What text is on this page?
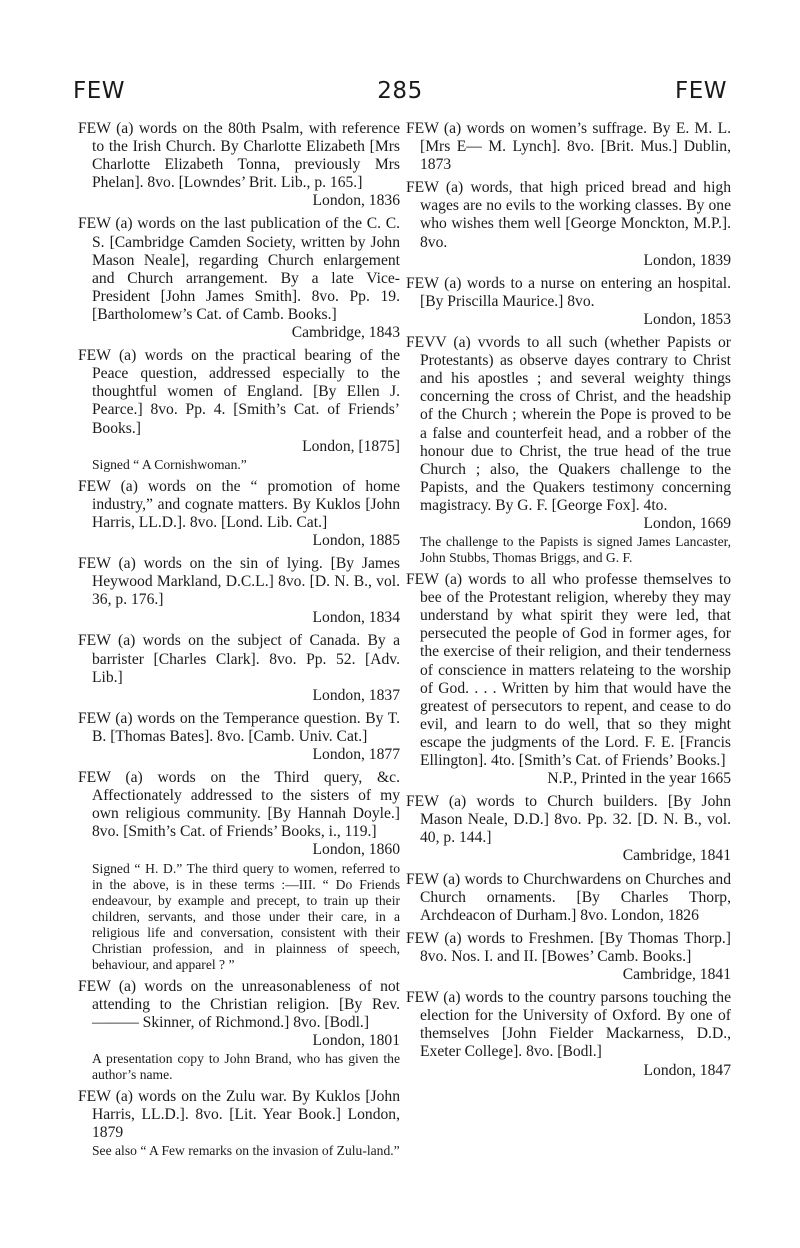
FEW	285	FEW
FEW (a) words on the 80th Psalm, with reference to the Irish Church. By Charlotte Elizabeth [Mrs Charlotte Elizabeth Tonna, previously Mrs Phelan]. 8vo. [Lowndes’ Brit. Lib., p. 165.]
London, 1836
FEW (a) words on the last publication of the C. C. S. [Cambridge Camden Society, written by John Mason Neale], regarding Church enlargement and Church arrangement. By a late Vice-President [John James Smith]. 8vo. Pp. 19. [Bartholomew’s Cat. of Camb. Books.]
Cambridge, 1843
FEW (a) words on the practical bearing of the Peace question, addressed especially to the thoughtful women of England. [By Ellen J. Pearce.] 8vo. Pp. 4. [Smith’s Cat. of Friends’ Books.]
London, [1875]
Signed “ A Cornishwoman.”
FEW (a) words on the “ promotion of home industry,” and cognate matters. By Kuklos [John Harris, LL.D.]. 8vo. [Lond. Lib. Cat.]
London, 1885
FEW (a) words on the sin of lying. [By James Heywood Markland, D.C.L.] 8vo. [D. N. B., vol. 36, p. 176.]
London, 1834
FEW (a) words on the subject of Canada. By a barrister [Charles Clark]. 8vo. Pp. 52. [Adv. Lib.]
London, 1837
FEW (a) words on the Temperance question. By T. B. [Thomas Bates]. 8vo. [Camb. Univ. Cat.]
London, 1877
FEW (a) words on the Third query, &c. Affectionately addressed to the sisters of my own religious community. [By Hannah Doyle.] 8vo. [Smith’s Cat. of Friends’ Books, i., 119.]
London, 1860
Signed “ H. D.” The third query to women, referred to in the above, is in these terms :—III. “ Do Friends endeavour, by example and precept, to train up their children, servants, and those under their care, in a religious life and conversation, consistent with their Christian profession, and in plainness of speech, behaviour, and apparel ? ”
FEW (a) words on the unreasonableness of not attending to the Christian religion. [By Rev. ——— Skinner, of Richmond.] 8vo. [Bodl.]
London, 1801
A presentation copy to John Brand, who has given the author’s name.
FEW (a) words on the Zulu war. By Kuklos [John Harris, LL.D.]. 8vo. [Lit. Year Book.] London, 1879
See also “ A Few remarks on the invasion of Zulu-land.”
FEW (a) words on women’s suffrage. By E. M. L. [Mrs E— M. Lynch]. 8vo. [Brit. Mus.] Dublin, 1873
FEW (a) words, that high priced bread and high wages are no evils to the working classes. By one who wishes them well [George Monckton, M.P.]. 8vo.
London, 1839
FEW (a) words to a nurse on entering an hospital. [By Priscilla Maurice.] 8vo.
London, 1853
FEVV (a) vvords to all such (whether Papists or Protestants) as observe dayes contrary to Christ and his apostles ; and several weighty things concerning the cross of Christ, and the headship of the Church ; wherein the Pope is proved to be a false and counterfeit head, and a robber of the honour due to Christ, the true head of the true Church ; also, the Quakers challenge to the Papists, and the Quakers testimony concerning magistracy. By G. F. [George Fox]. 4to.
London, 1669
The challenge to the Papists is signed James Lancaster, John Stubbs, Thomas Briggs, and G. F.
FEW (a) words to all who professe themselves to bee of the Protestant religion, whereby they may understand by what spirit they were led, that persecuted the people of God in former ages, for the exercise of their religion, and their tenderness of conscience in matters relateing to the worship of God. . . . Written by him that would have the greatest of persecutors to repent, and cease to do evil, and learn to do well, that so they might escape the judgments of the Lord. F. E. [Francis Ellington]. 4to. [Smith’s Cat. of Friends’ Books.]
N.P., Printed in the year 1665
FEW (a) words to Church builders. [By John Mason Neale, D.D.] 8vo. Pp. 32. [D. N. B., vol. 40, p. 144.]
Cambridge, 1841
FEW (a) words to Churchwardens on Churches and Church ornaments. [By Charles Thorp, Archdeacon of Durham.] 8vo. London, 1826
FEW (a) words to Freshmen. [By Thomas Thorp.] 8vo. Nos. I. and II. [Bowes’ Camb. Books.]
Cambridge, 1841
FEW (a) words to the country parsons touching the election for the University of Oxford. By one of themselves [John Fielder Mackarness, D.D., Exeter College]. 8vo. [Bodl.]
London, 1847
